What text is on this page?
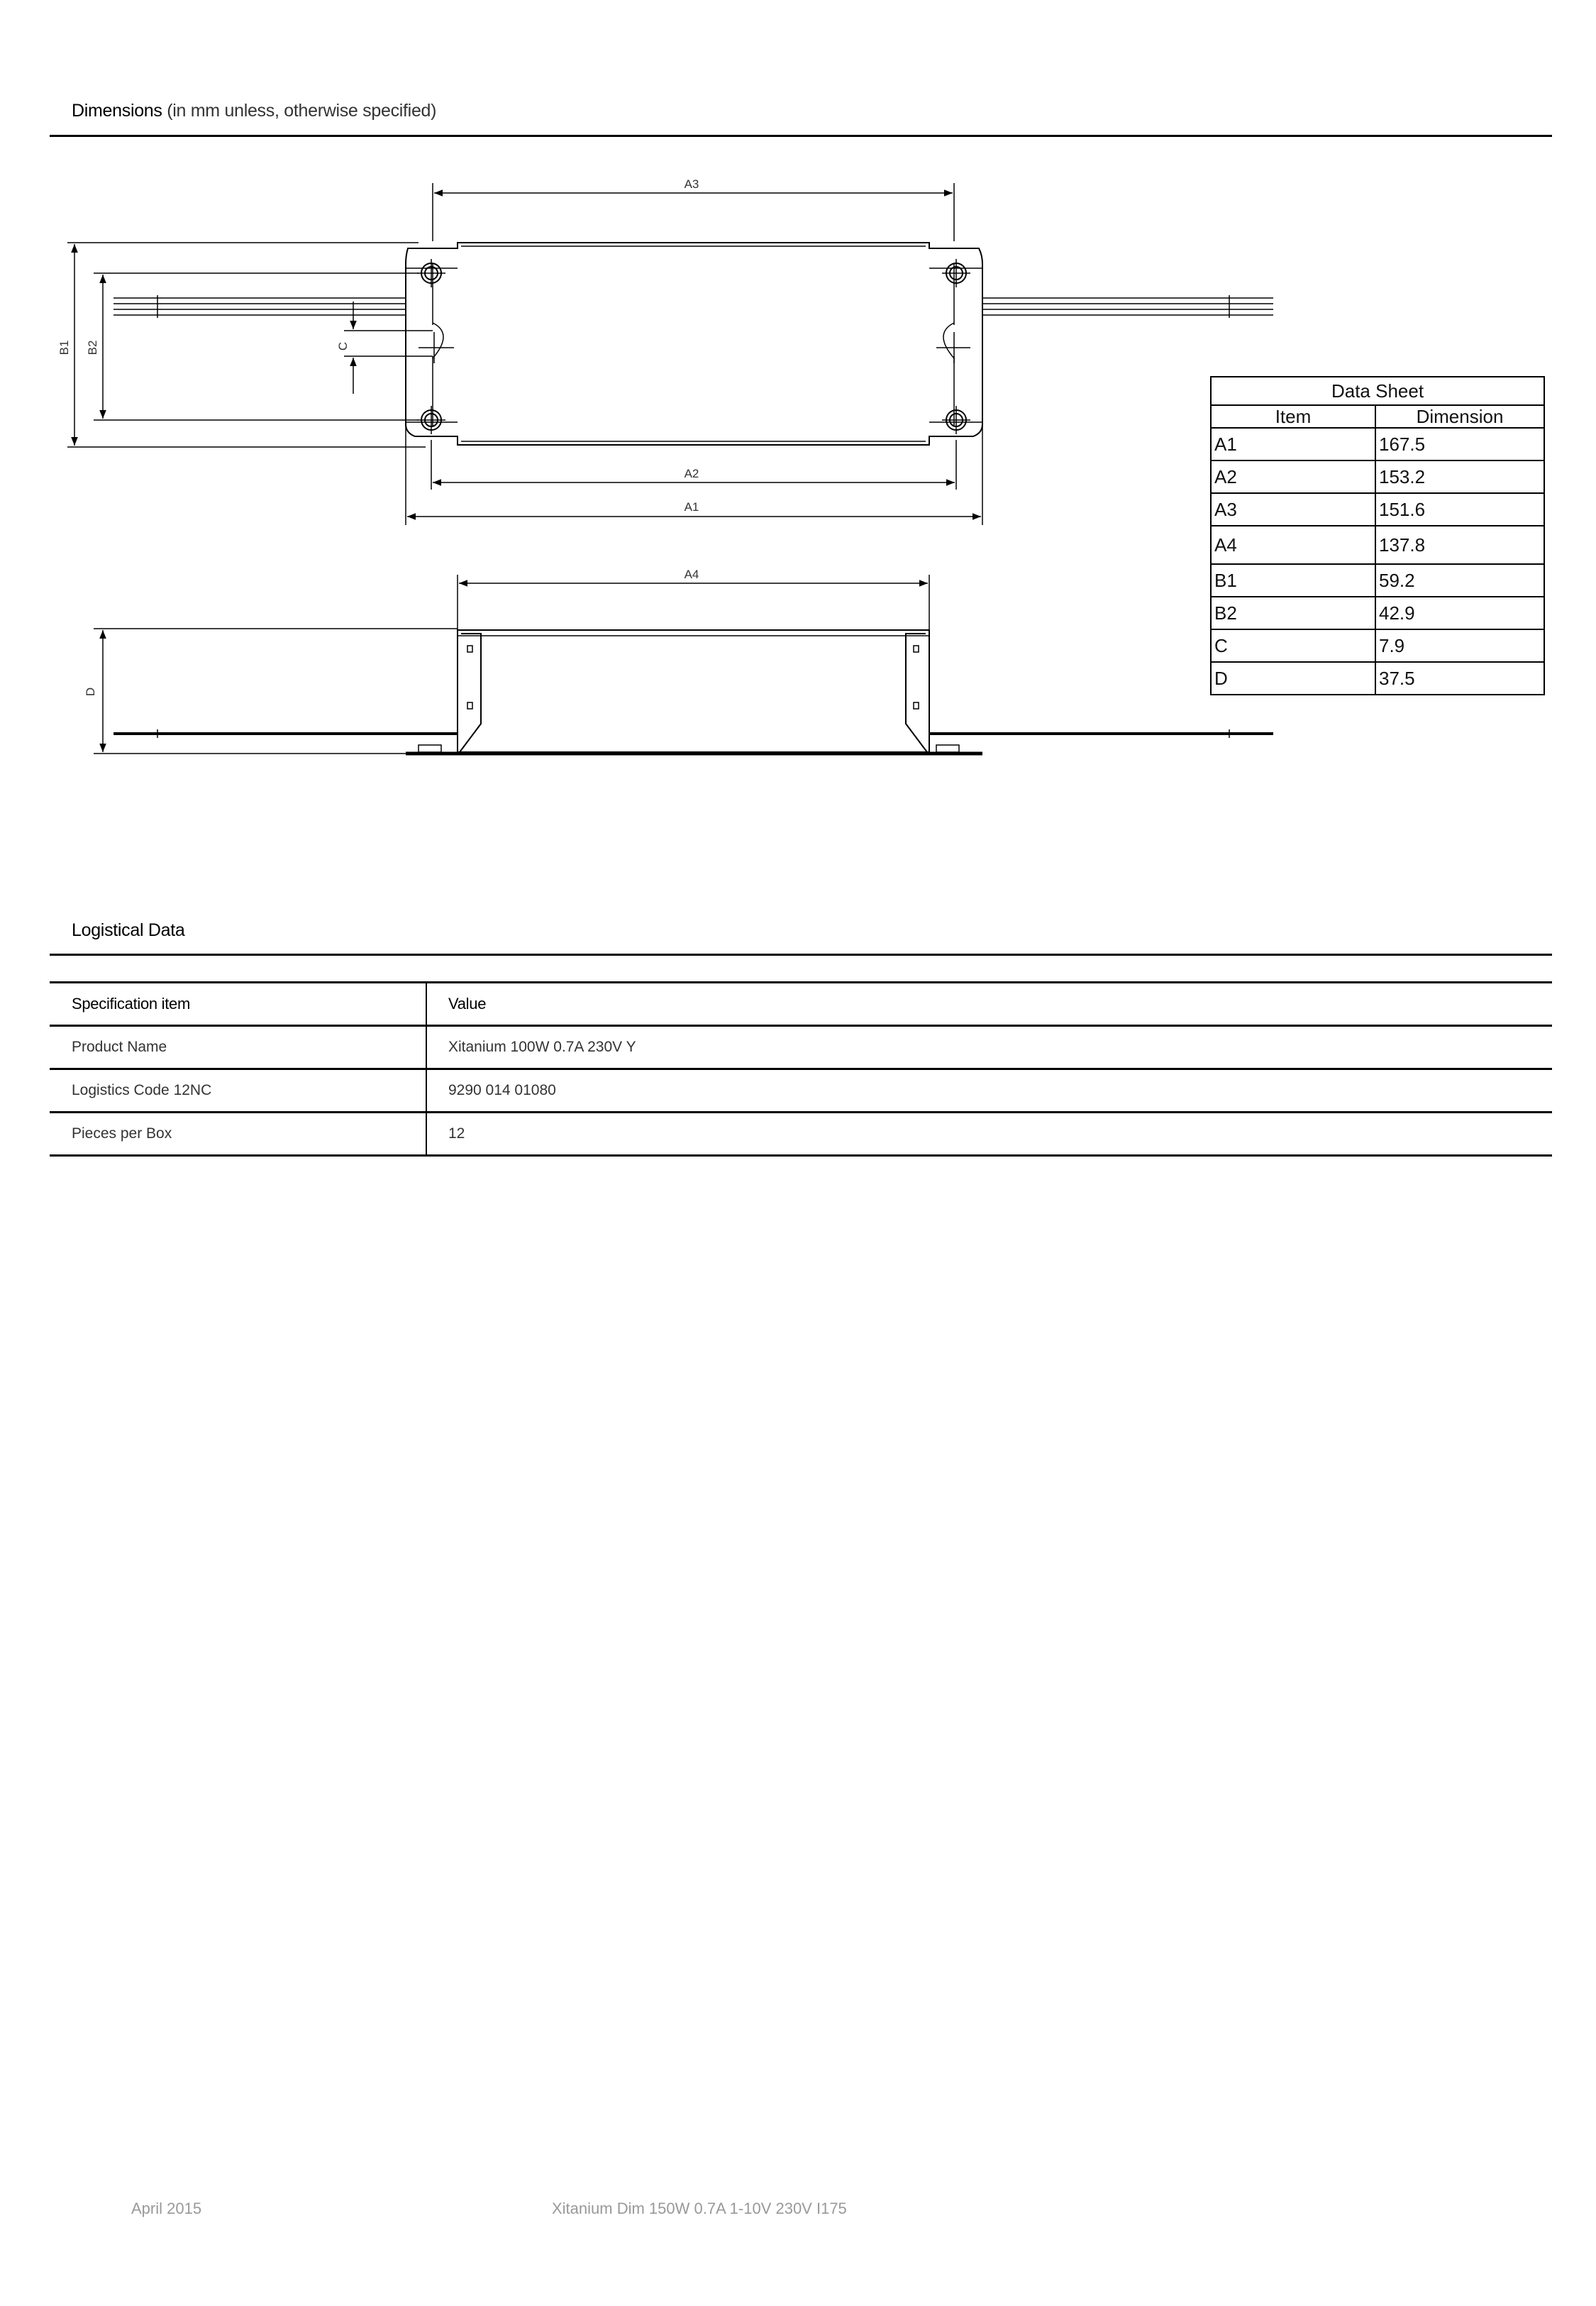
Dimensions (in mm unless, otherwise specified)
A3
A2
A1
A4
B1 B2	C
D
Data Sheet	
Item	Dimension
A1	167.5
A2	153.2
A3	151.6
A4	137.8
B1	59.2
B2	42.9
C	7.9
D	37.5
Logistical Data
Specification item	Value
Product Name	Xitanium 100W 0.7A 230V Y
Logistics Code 12NC	9290 014 01080
Pieces per Box	12
April 2015	Xitanium Dim 150W 0.7A 1-10V 230V I175
